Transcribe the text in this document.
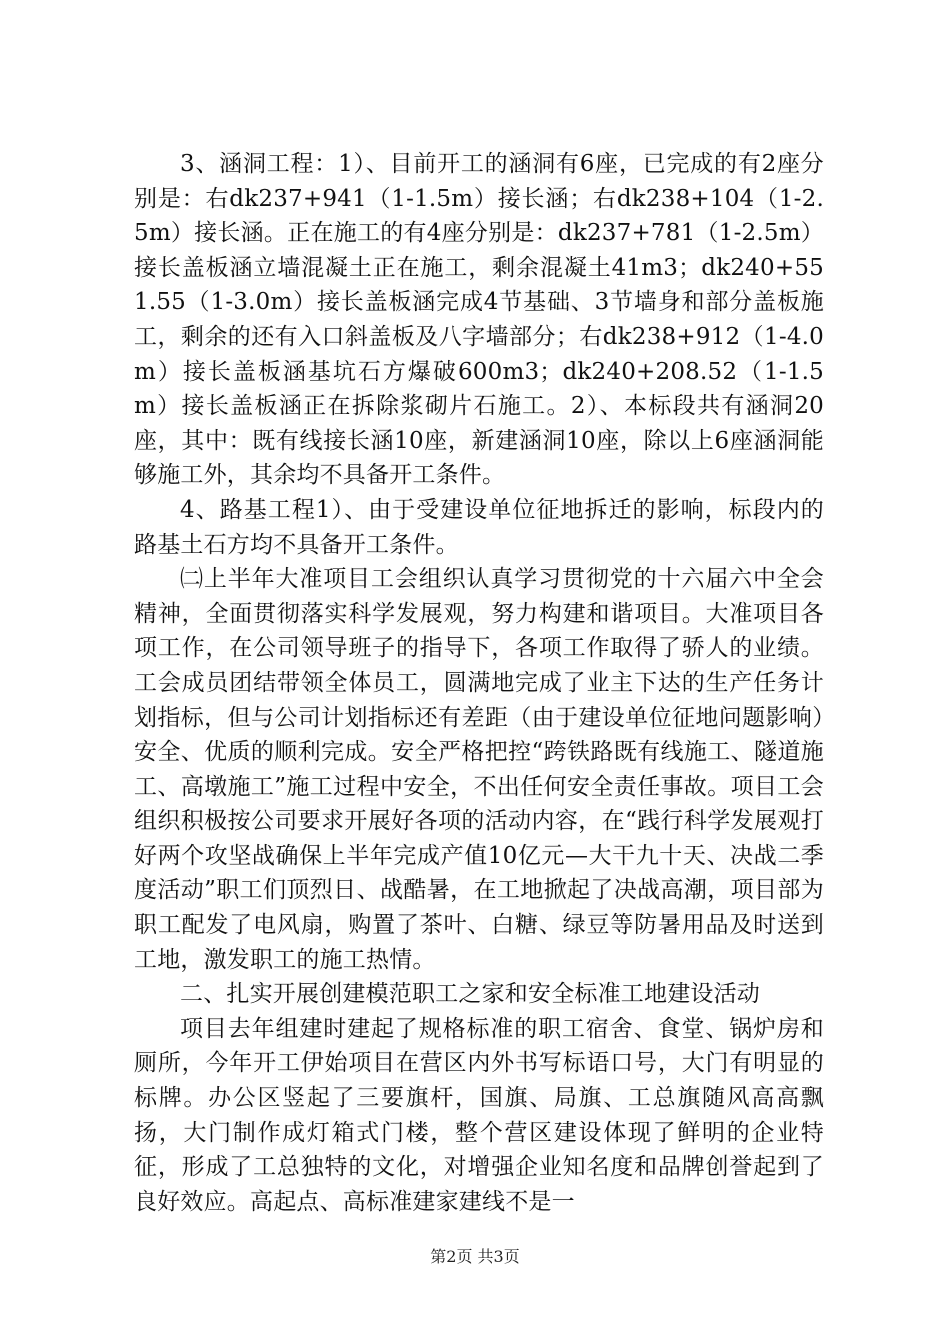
3、涵洞工程：1）、目前开工的涵洞有6座，已完成的有2座分别是：右dk237+941（1-1.5m）接长涵；右dk238+104（1-2.5m）接长涵。正在施工的有4座分别是：dk237+781（1-2.5m）接长盖板涵立墙混凝土正在施工，剩余混凝土41m3；dk240+551.55（1-3.0m）接长盖板涵完成4节基础、3节墙身和部分盖板施工，剩余的还有入口斜盖板及八字墙部分；右dk238+912（1-4.0m）接长盖板涵基坑石方爆破600m3；dk240+208.52（1-1.5m）接长盖板涵正在拆除浆砌片石施工。2）、本标段共有涵洞20座，其中：既有线接长涵10座，新建涵洞10座，除以上6座涵洞能够施工外，其余均不具备开工条件。

4、路基工程1）、由于受建设单位征地拆迁的影响，标段内的路基土石方均不具备开工条件。

㈡上半年大准项目工会组织认真学习贯彻党的十六届六中全会精神，全面贯彻落实科学发展观，努力构建和谐项目。大准项目各项工作，在公司领导班子的指导下，各项工作取得了骄人的业绩。工会成员团结带领全体员工，圆满地完成了业主下达的生产任务计划指标，但与公司计划指标还有差距（由于建设单位征地问题影响）安全、优质的顺利完成。安全严格把控“跨铁路既有线施工、隧道施工、高墩施工”施工过程中安全，不出任何安全责任事故。项目工会组织积极按公司要求开展好各项的活动内容，在“践行科学发展观打好两个攻坚战确保上半年完成产值10亿元—大干九十天、决战二季度活动”职工们顶烈日、战酷暑，在工地掀起了决战高潮，项目部为职工配发了电风扇，购置了茶叶、白糖、绿豆等防暑用品及时送到工地，激发职工的施工热情。

二、扎实开展创建模范职工之家和安全标准工地建设活动

项目去年组建时建起了规格标准的职工宿舍、食堂、锅炉房和厕所，今年开工伊始项目在营区内外书写标语口号，大门有明显的标牌。办公区竖起了三要旗杆，国旗、局旗、工总旗随风高高飘扬，大门制作成灯箱式门楼，整个营区建设体现了鲜明的企业特征，形成了工总独特的文化，对增强企业知名度和品牌创誉起到了良好效应。高起点、高标准建家建线不是一

第2页 共3页
